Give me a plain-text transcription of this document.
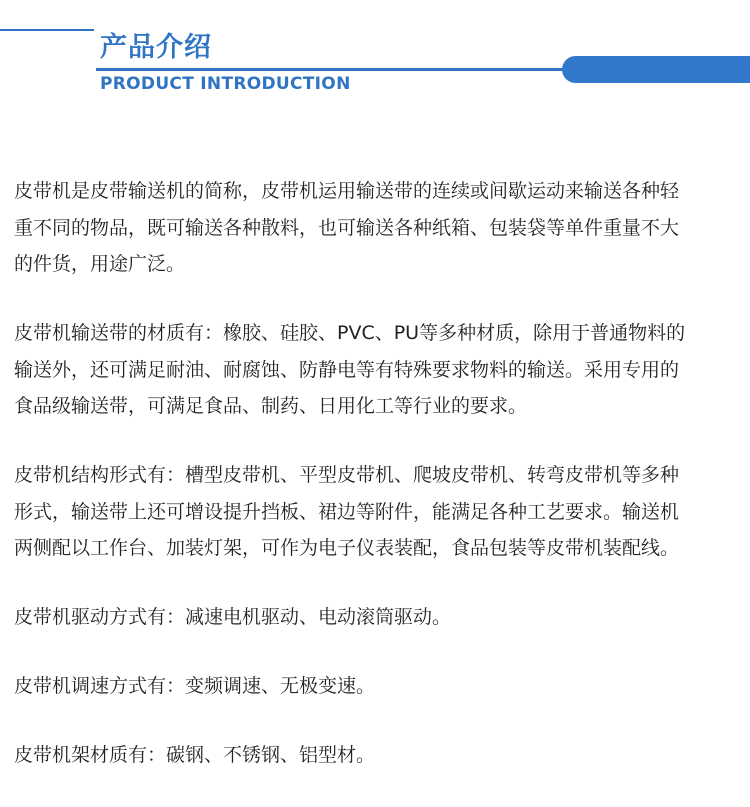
产品介绍
PRODUCT INTRODUCTION

皮带机是皮带输送机的简称，皮带机运用输送带的连续或间歇运动来输送各种轻

重不同的物品，既可输送各种散料，也可输送各种纸箱、包装袋等单件重量不大

的件货，用途广泛。

皮带机输送带的材质有：橡胶、硅胶、PVC、PU等多种材质，除用于普通物料的

输送外，还可满足耐油、耐腐蚀、防静电等有特殊要求物料的输送。采用专用的

食品级输送带，可满足食品、制药、日用化工等行业的要求。

皮带机结构形式有：槽型皮带机、平型皮带机、爬坡皮带机、转弯皮带机等多种

形式，输送带上还可增设提升挡板、裙边等附件，能满足各种工艺要求。输送机

两侧配以工作台、加装灯架，可作为电子仪表装配，食品包装等皮带机装配线。

皮带机驱动方式有：减速电机驱动、电动滚筒驱动。

皮带机调速方式有：变频调速、无极变速。

皮带机架材质有：碳钢、不锈钢、铝型材。
